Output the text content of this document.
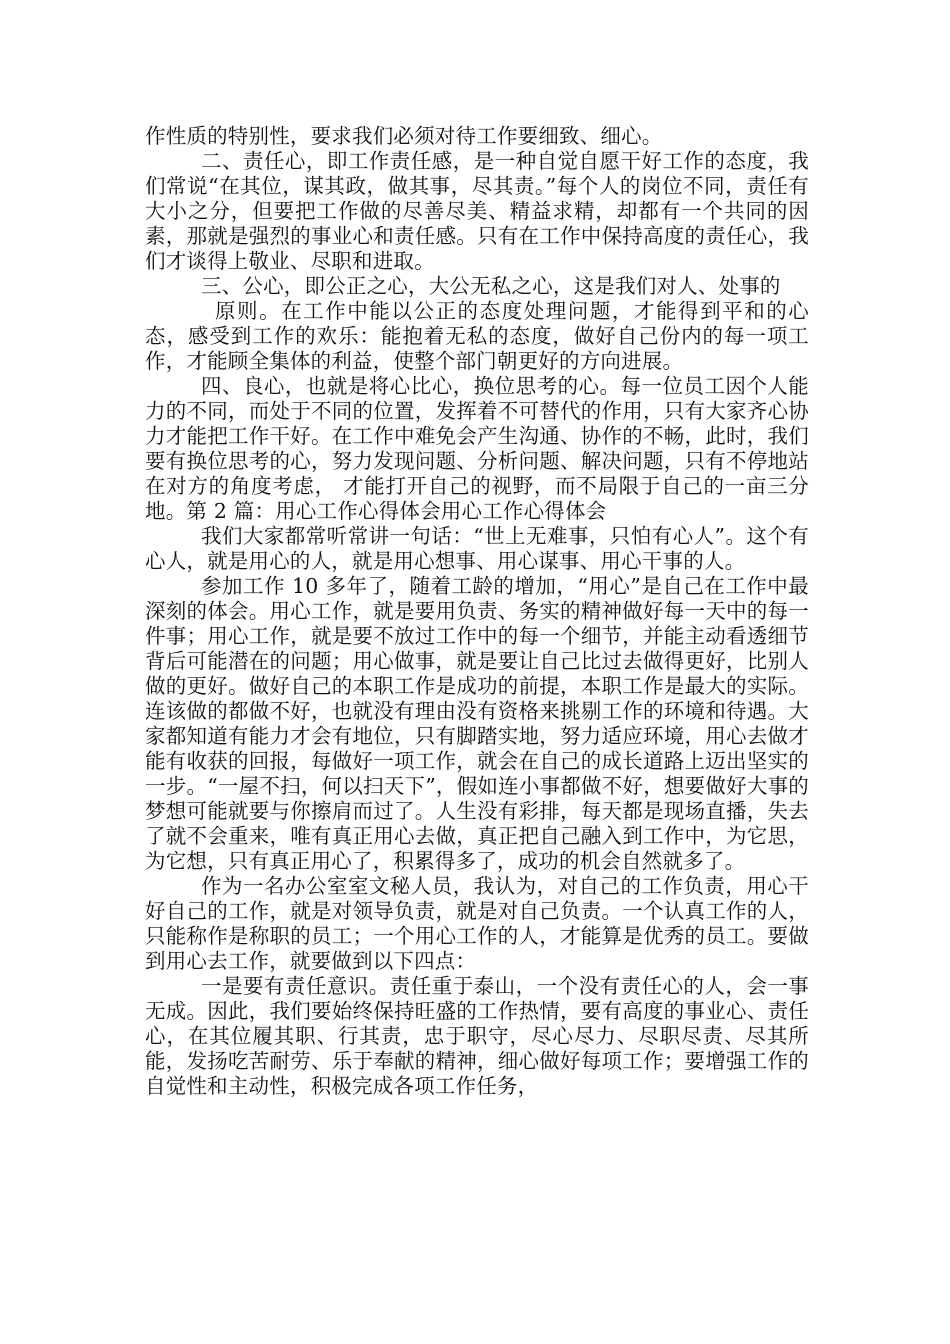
作性质的特别性，要求我们必须对待工作要细致、细心。

二、责任心，即工作责任感，是一种自觉自愿干好工作的态度，我们常说“在其位，谋其政，做其事，尽其责。”每个人的岗位不同，责任有大小之分，但要把工作做的尽善尽美、精益求精，却都有一个共同的因素，那就是强烈的事业心和责任感。只有在工作中保持高度的责任心，我们才谈得上敬业、尽职和进取。

三、公心，即公正之心，大公无私之心，这是我们对人、处事的

原则。在工作中能以公正的态度处理问题，才能得到平和的心态，感受到工作的欢乐：能抱着无私的态度，做好自己份内的每一项工作，才能顾全集体的利益，使整个部门朝更好的方向进展。

四、良心，也就是将心比心，换位思考的心。每一位员工因个人能力的不同，而处于不同的位置，发挥着不可替代的作用，只有大家齐心协力才能把工作干好。在工作中难免会产生沟通、协作的不畅，此时，我们要有换位思考的心，努力发现问题、分析问题、解决问题，只有不停地站在对方的角度考虑， 才能打开自己的视野，而不局限于自己的一亩三分地。第 2 篇：用心工作心得体会用心工作心得体会

我们大家都常听常讲一句话：“世上无难事，只怕有心人”。这个有心人，就是用心的人，就是用心想事、用心谋事、用心干事的人。

参加工作 10 多年了，随着工龄的增加，“用心”是自己在工作中最深刻的体会。用心工作，就是要用负责、务实的精神做好每一天中的每一件事；用心工作，就是要不放过工作中的每一个细节，并能主动看透细节背后可能潜在的问题；用心做事，就是要让自己比过去做得更好，比别人做的更好。做好自己的本职工作是成功的前提，本职工作是最大的实际。连该做的都做不好，也就没有理由没有资格来挑剔工作的环境和待遇。大家都知道有能力才会有地位，只有脚踏实地，努力适应环境，用心去做才能有收获的回报，每做好一项工作，就会在自己的成长道路上迈出坚实的一步。“一屋不扫，何以扫天下”，假如连小事都做不好，想要做好大事的梦想可能就要与你擦肩而过了。人生没有彩排，每天都是现场直播，失去了就不会重来，唯有真正用心去做，真正把自己融入到工作中，为它思，为它想，只有真正用心了，积累得多了，成功的机会自然就多了。

作为一名办公室室文秘人员，我认为，对自己的工作负责，用心干好自己的工作，就是对领导负责，就是对自己负责。一个认真工作的人，只能称作是称职的员工；一个用心工作的人，才能算是优秀的员工。要做到用心去工作，就要做到以下四点：

一是要有责任意识。责任重于泰山，一个没有责任心的人，会一事无成。因此，我们要始终保持旺盛的工作热情，要有高度的事业心、责任心，在其位履其职、行其责，忠于职守，尽心尽力、尽职尽责、尽其所能，发扬吃苦耐劳、乐于奉献的精神，细心做好每项工作；要增强工作的自觉性和主动性，积极完成各项工作任务，
